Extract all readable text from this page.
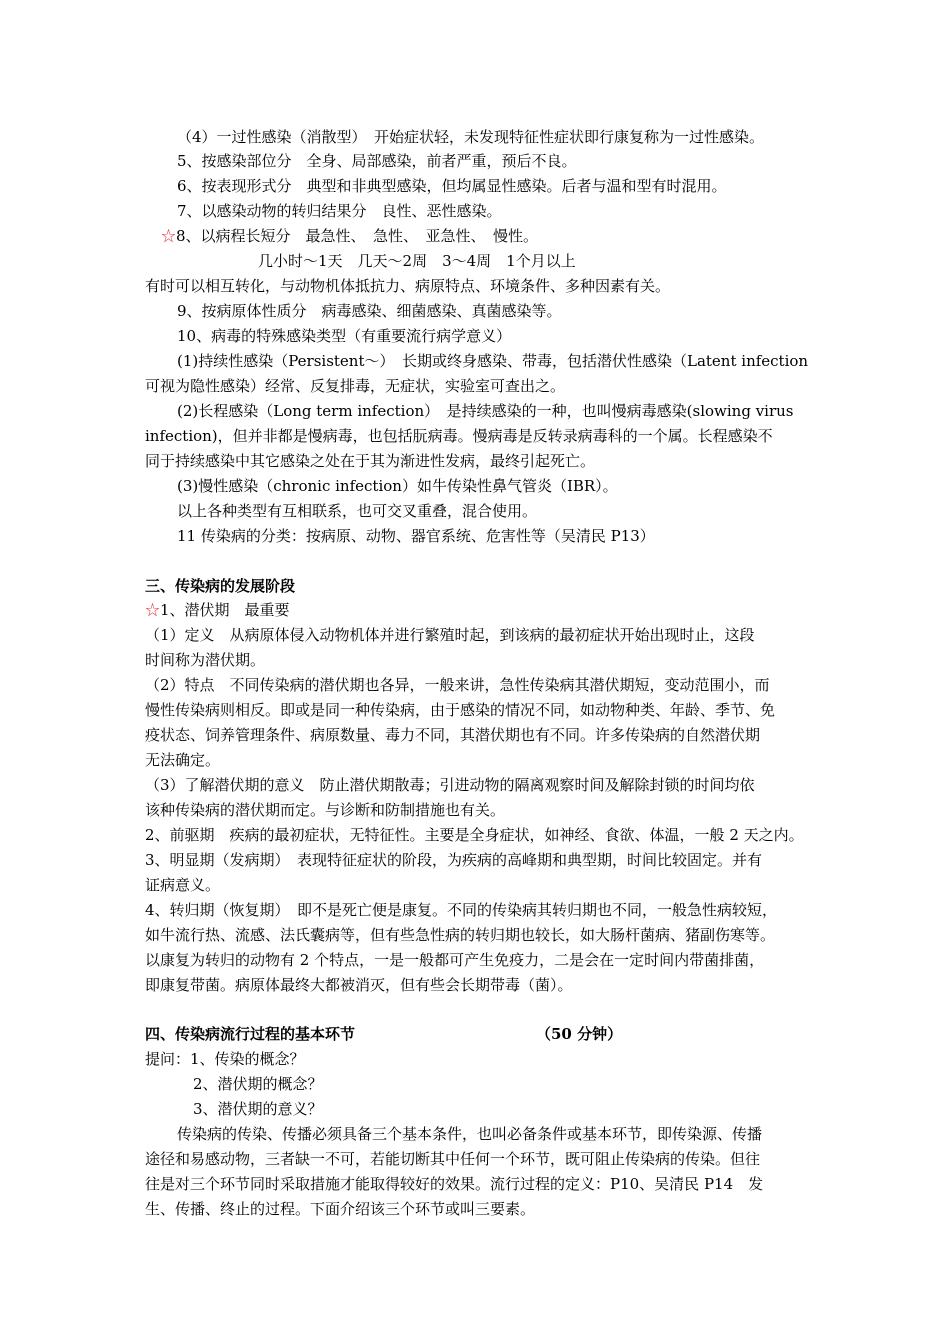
（4）一过性感染（消散型）　开始症状轻，未发现特征性症状即行康复称为一过性感染。
5、按感染部位分　全身、局部感染，前者严重，预后不良。
6、按表现形式分　典型和非典型感染，但均属显性感染。后者与温和型有时混用。
7、以感染动物的转归结果分　良性、恶性感染。
☆8、以病程长短分　最急性、　急性、　亚急性、　慢性。
几小时～1天　几天～2周　3～4周　1个月以上
有时可以相互转化，与动物机体抵抗力、病原特点、环境条件、多种因素有关。
9、按病原体性质分　病毒感染、细菌感染、真菌感染等。
10、病毒的特殊感染类型（有重要流行病学意义）
(1)持续性感染（Persistent～）　长期或终身感染、带毒，包括潜伏性感染（Latent infection
可视为隐性感染）经常、反复排毒，无症状，实验室可查出之。
(2)长程感染（Long term infection）　是持续感染的一种，也叫慢病毒感染(slowing virus
infection)，但并非都是慢病毒，也包括朊病毒。慢病毒是反转录病毒科的一个属。长程感染不
同于持续感染中其它感染之处在于其为渐进性发病，最终引起死亡。
(3)慢性感染（chronic infection）如牛传染性鼻气管炎（IBR）。
以上各种类型有互相联系，也可交叉重叠，混合使用。
11 传染病的分类：按病原、动物、器官系统、危害性等（吴清民 P13）
三、传染病的发展阶段
☆1、潜伏期　最重要
（1）定义　从病原体侵入动物机体并进行繁殖时起，到该病的最初症状开始出现时止，这段
时间称为潜伏期。
（2）特点　不同传染病的潜伏期也各异，一般来讲，急性传染病其潜伏期短，变动范围小，而
慢性传染病则相反。即或是同一种传染病，由于感染的情况不同，如动物种类、年龄、季节、免
疫状态、饲养管理条件、病原数量、毒力不同，其潜伏期也有不同。许多传染病的自然潜伏期
无法确定。
（3）了解潜伏期的意义　防止潜伏期散毒；引进动物的隔离观察时间及解除封锁的时间均依
该种传染病的潜伏期而定。与诊断和防制措施也有关。
2、前驱期　疾病的最初症状，无特征性。主要是全身症状，如神经、食欲、体温，一般 2 天之内。
3、明显期（发病期）　表现特征症状的阶段，为疾病的高峰期和典型期，时间比较固定。并有
证病意义。
4、转归期（恢复期）　即不是死亡便是康复。不同的传染病其转归期也不同，一般急性病较短，
如牛流行热、流感、法氏囊病等，但有些急性病的转归期也较长，如大肠杆菌病、猪副伤寒等。
以康复为转归的动物有 2 个特点，一是一般都可产生免疫力，二是会在一定时间内带菌排菌，
即康复带菌。病原体最终大都被消灭，但有些会长期带毒（菌）。
四、传染病流行过程的基本环节	（50 分钟）
提问：1、传染的概念？
2、潜伏期的概念？
3、潜伏期的意义？
传染病的传染、传播必须具备三个基本条件，也叫必备条件或基本环节，即传染源、传播
途径和易感动物，三者缺一不可，若能切断其中任何一个环节，既可阻止传染病的传染。但往
往是对三个环节同时采取措施才能取得较好的效果。流行过程的定义：P10、吴清民 P14　发
生、传播、终止的过程。下面介绍该三个环节或叫三要素。
